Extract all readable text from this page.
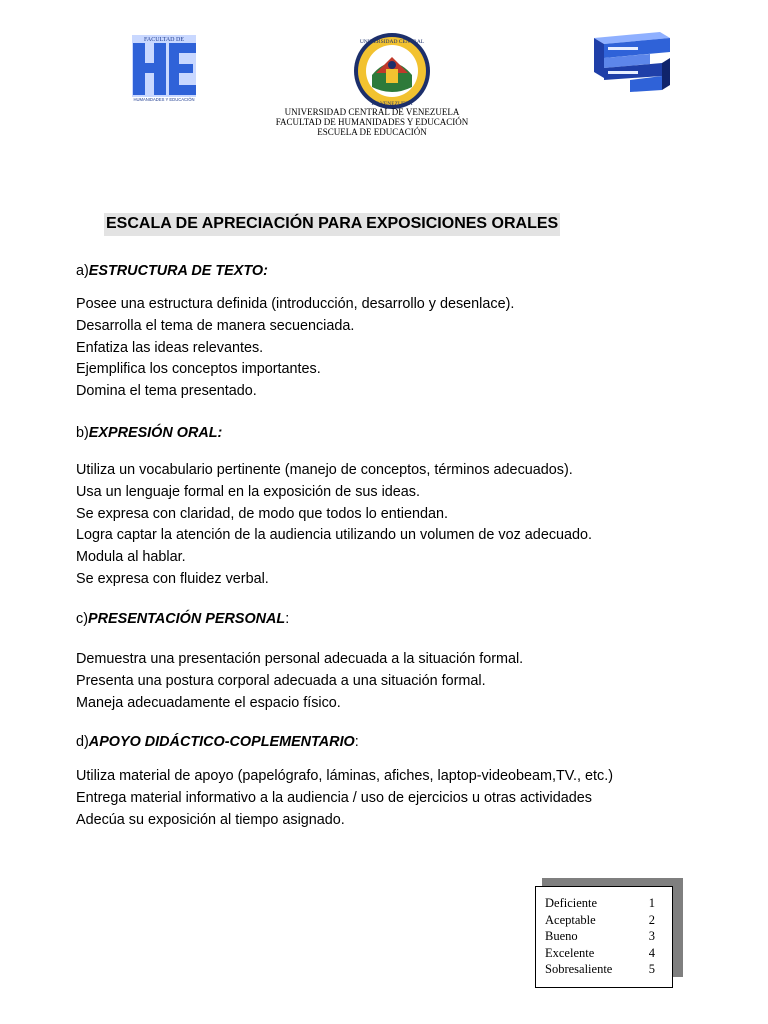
FACULTAD DE
HUMANIDADES Y EDUCACIÓN
UNIVERSIDAD CENTRAL
DE VENEZUELA
UNIVERSIDAD CENTRAL DE VENEZUELA
FACULTAD DE HUMANIDADES Y EDUCACIÓN
ESCUELA DE EDUCACIÓN
ESCALA DE APRECIACIÓN PARA EXPOSICIONES ORALES
a)ESTRUCTURA DE TEXTO:
Posee una estructura definida (introducción, desarrollo y desenlace).
Desarrolla el tema de manera secuenciada.
Enfatiza las ideas relevantes.
Ejemplifica los conceptos importantes.
Domina el tema presentado.
b)EXPRESIÓN ORAL:
Utiliza un vocabulario pertinente (manejo de conceptos, términos adecuados).
Usa un lenguaje formal en la exposición de sus ideas.
Se expresa con claridad, de modo que todos lo entiendan.
Logra captar la atención de la audiencia utilizando un volumen de voz adecuado.
Modula al hablar.
Se expresa con fluidez verbal.
c)PRESENTACIÓN PERSONAL:
Demuestra una presentación personal adecuada a la situación formal.
Presenta una postura corporal adecuada a una situación formal.
Maneja adecuadamente el espacio físico.
d)APOYO DIDÁCTICO-COPLEMENTARIO:
Utiliza material de apoyo (papelógrafo, láminas, afiches, laptop-videobeam,TV., etc.)
Entrega material informativo a la audiencia / uso de ejercicios u otras actividades
Adecúa su exposición al tiempo asignado.
Deficiente	1
Aceptable	2
Bueno	3
Excelente	4
Sobresaliente	5
